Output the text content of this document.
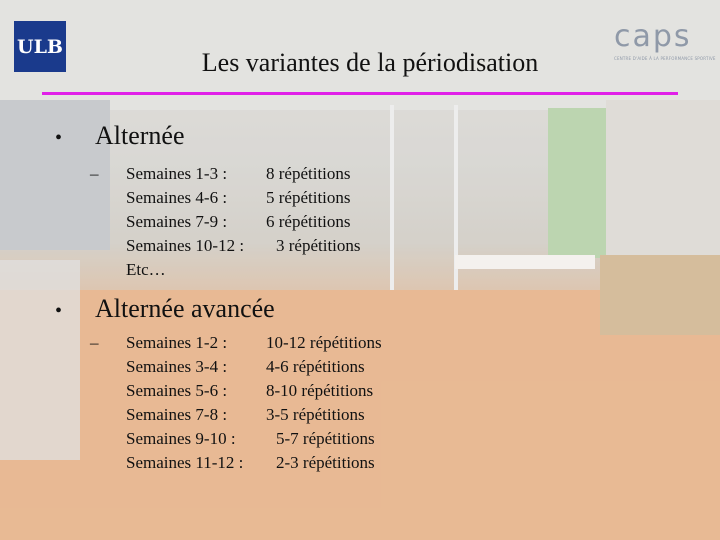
ULB	caps
CENTRE D'AIDE À LA PERFORMANCE SPORTIVE
Les variantes de la périodisation
•	Alternée
– Semaines 1-3 : 8 répétitions
Semaines 4-6 : 5 répétitions
Semaines 7-9 : 6 répétitions
Semaines 10-12 : 3 répétitions
Etc…
•	Alternée avancée
– Semaines 1-2 : 10-12 répétitions
Semaines 3-4 : 4-6 répétitions
Semaines 5-6 : 8-10 répétitions
Semaines 7-8 : 3-5 répétitions
Semaines 9-10 : 5-7 répétitions
Semaines 11-12 : 2-3 répétitions
